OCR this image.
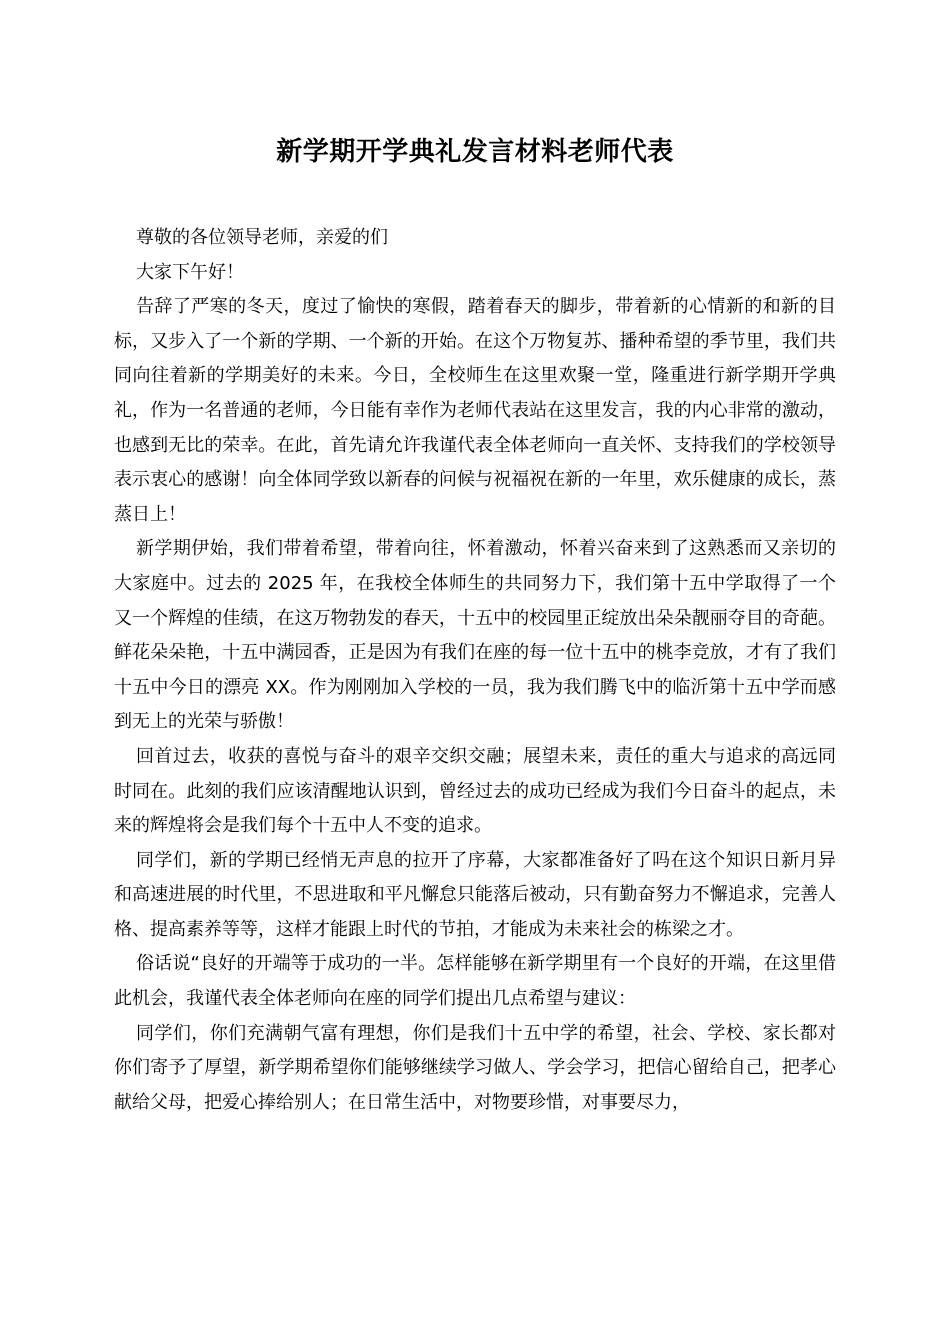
新学期开学典礼发言材料老师代表

尊敬的各位领导老师，亲爱的们

大家下午好！

告辞了严寒的冬天，度过了愉快的寒假，踏着春天的脚步，带着新的心情新的和新的目标，又步入了一个新的学期、一个新的开始。在这个万物复苏、播种希望的季节里，我们共同向往着新的学期美好的未来。今日，全校师生在这里欢聚一堂，隆重进行新学期开学典礼，作为一名普通的老师，今日能有幸作为老师代表站在这里发言，我的内心非常的激动，也感到无比的荣幸。在此，首先请允许我谨代表全体老师向一直关怀、支持我们的学校领导表示衷心的感谢！向全体同学致以新春的问候与祝福祝在新的一年里，欢乐健康的成长，蒸蒸日上！

新学期伊始，我们带着希望，带着向往，怀着激动，怀着兴奋来到了这熟悉而又亲切的大家庭中。过去的 2025 年，在我校全体师生的共同努力下，我们第十五中学取得了一个又一个辉煌的佳绩，在这万物勃发的春天，十五中的校园里正绽放出朵朵靓丽夺目的奇葩。鲜花朵朵艳，十五中满园香，正是因为有我们在座的每一位十五中的桃李竞放，才有了我们十五中今日的漂亮 XX。作为刚刚加入学校的一员，我为我们腾飞中的临沂第十五中学而感到无上的光荣与骄傲！

回首过去，收获的喜悦与奋斗的艰辛交织交融；展望未来，责任的重大与追求的高远同时同在。此刻的我们应该清醒地认识到，曾经过去的成功已经成为我们今日奋斗的起点，未来的辉煌将会是我们每个十五中人不变的追求。

同学们，新的学期已经悄无声息的拉开了序幕，大家都准备好了吗在这个知识日新月异和高速进展的时代里，不思进取和平凡懈怠只能落后被动，只有勤奋努力不懈追求，完善人格、提高素养等等，这样才能跟上时代的节拍，才能成为未来社会的栋梁之才。

俗话说“良好的开端等于成功的一半。怎样能够在新学期里有一个良好的开端，在这里借此机会，我谨代表全体老师向在座的同学们提出几点希望与建议：

同学们，你们充满朝气富有理想，你们是我们十五中学的希望，社会、学校、家长都对你们寄予了厚望，新学期希望你们能够继续学习做人、学会学习，把信心留给自己，把孝心献给父母，把爱心捧给别人；在日常生活中，对物要珍惜，对事要尽力，
